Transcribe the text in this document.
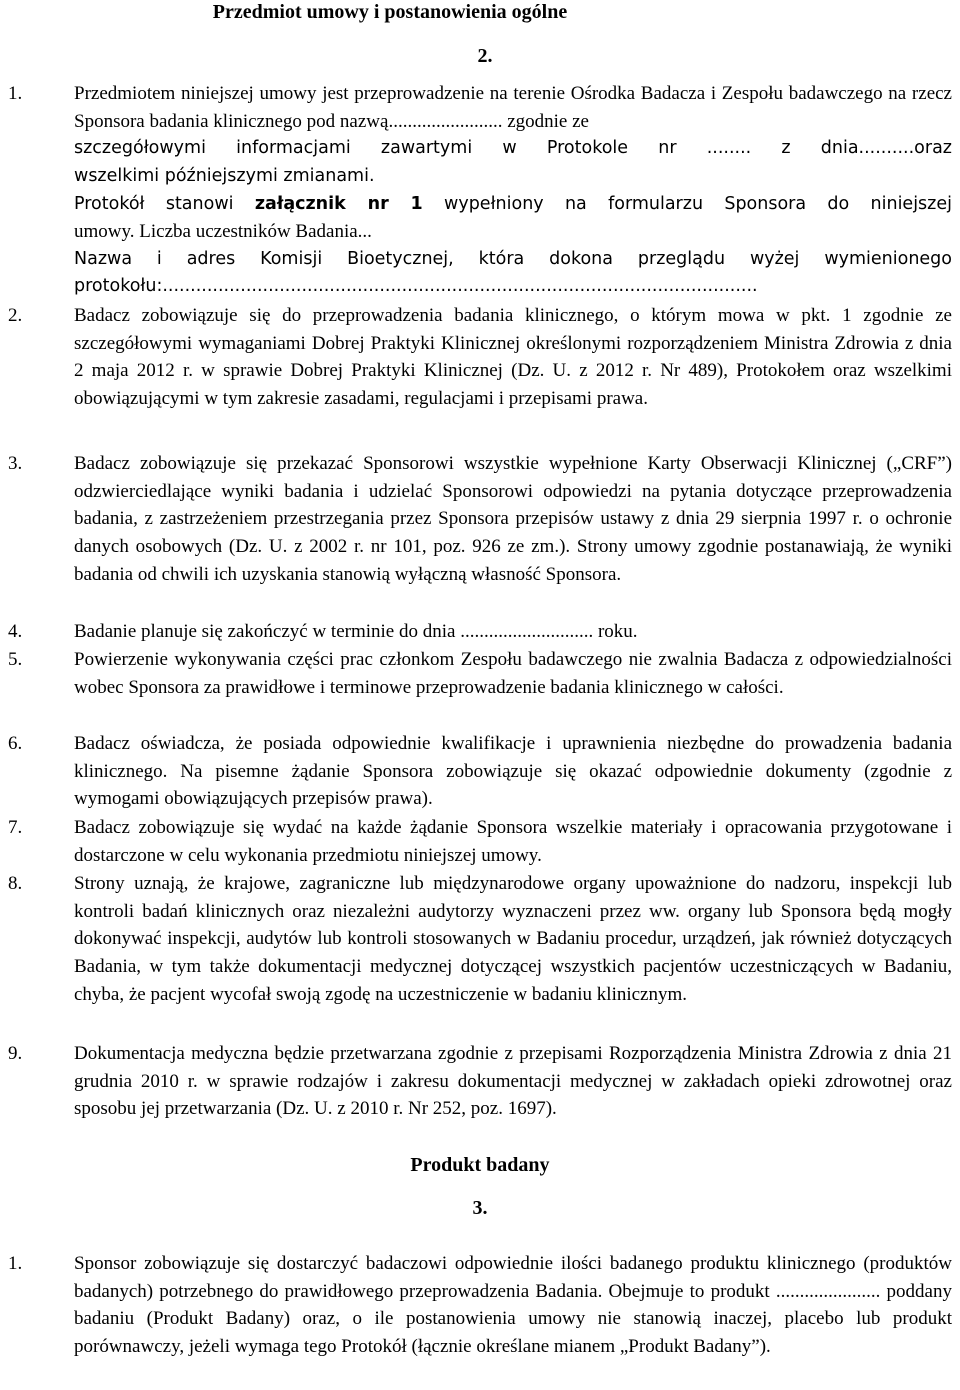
Przedmiot umowy i postanowienia ogólne
2.
1.	Przedmiotem niniejszej umowy jest przeprowadzenie na terenie Ośrodka Badacza i Zespołu badawczego na rzecz Sponsora badania klinicznego pod nazwą........................ zgodnie ze
szczegółowymi informacjami zawartymi w Protokole nr ........ z dnia..........oraz
wszelkimi późniejszymi zmianami.
Protokół stanowi załącznik nr 1 wypełniony na formularzu Sponsora do niniejszej
umowy. Liczba uczestników Badania...
Nazwa i adres Komisji Bioetycznej, która dokona przeglądu wyżej wymienionego
protokołu:...........................................................................................................
2.	Badacz zobowiązuje się do przeprowadzenia badania klinicznego, o którym mowa w pkt. 1 zgodnie ze szczegółowymi wymaganiami Dobrej Praktyki Klinicznej określonymi rozporządzeniem Ministra Zdrowia z dnia 2 maja 2012 r. w sprawie Dobrej Praktyki Klinicznej (Dz. U. z 2012 r. Nr 489), Protokołem oraz wszelkimi obowiązującymi w tym zakresie zasadami, regulacjami i przepisami prawa.
3.	Badacz zobowiązuje się przekazać Sponsorowi wszystkie wypełnione Karty Obserwacji Klinicznej („CRF”) odzwierciedlające wyniki badania i udzielać Sponsorowi odpowiedzi na pytania dotyczące przeprowadzenia badania, z zastrzeżeniem przestrzegania przez Sponsora przepisów ustawy z dnia 29 sierpnia 1997 r. o ochronie danych osobowych (Dz. U. z 2002 r. nr 101, poz. 926 ze zm.). Strony umowy zgodnie postanawiają, że wyniki badania od chwili ich uzyskania stanowią wyłączną własność Sponsora.
4.	Badanie planuje się zakończyć w terminie do dnia ............................ roku.
5.	Powierzenie wykonywania części prac członkom Zespołu badawczego nie zwalnia Badacza z odpowiedzialności wobec Sponsora za prawidłowe i terminowe przeprowadzenie badania klinicznego w całości.
6.	Badacz oświadcza, że posiada odpowiednie kwalifikacje i uprawnienia niezbędne do prowadzenia badania klinicznego. Na pisemne żądanie Sponsora zobowiązuje się okazać odpowiednie dokumenty (zgodnie z wymogami obowiązujących przepisów prawa).
7.	Badacz zobowiązuje się wydać na każde żądanie Sponsora wszelkie materiały i opracowania przygotowane i dostarczone w celu wykonania przedmiotu niniejszej umowy.
8.	Strony uznają, że krajowe, zagraniczne lub międzynarodowe organy upoważnione do nadzoru, inspekcji lub kontroli badań klinicznych oraz niezależni audytorzy wyznaczeni przez ww. organy lub Sponsora będą mogły dokonywać inspekcji, audytów lub kontroli stosowanych w Badaniu procedur, urządzeń, jak również dotyczących Badania, w tym także dokumentacji medycznej dotyczącej wszystkich pacjentów uczestniczących w Badaniu, chyba, że pacjent wycofał swoją zgodę na uczestniczenie w badaniu klinicznym.
9.	Dokumentacja medyczna będzie przetwarzana zgodnie z przepisami Rozporządzenia Ministra Zdrowia z dnia 21 grudnia 2010 r. w sprawie rodzajów i zakresu dokumentacji medycznej w zakładach opieki zdrowotnej oraz sposobu jej przetwarzania (Dz. U. z 2010 r. Nr 252, poz. 1697).
Produkt badany
3.
1.	Sponsor zobowiązuje się dostarczyć badaczowi odpowiednie ilości badanego produktu klinicznego (produktów badanych) potrzebnego do prawidłowego przeprowadzenia Badania. Obejmuje to produkt ...................... poddany badaniu (Produkt Badany) oraz, o ile postanowienia umowy nie stanowią inaczej, placebo lub produkt porównawczy, jeżeli wymaga tego Protokół (łącznie określane mianem „Produkt Badany”).
